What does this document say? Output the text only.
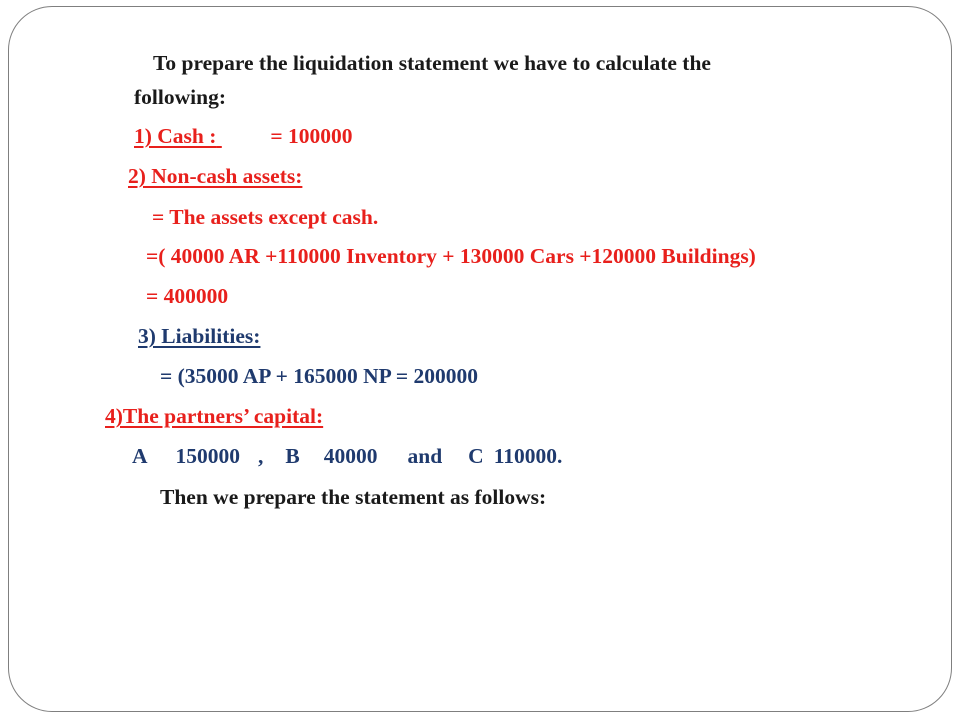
To prepare the liquidation statement we have to calculate the
following:
1) Cash :	= 100000
2) Non-cash assets:
= The assets except cash.
=( 40000 AR +110000 Inventory + 130000 Cars +120000 Buildings)
= 400000
3) Liabilities:
= (35000 AP + 165000 NP = 200000
4)The partners’ capital:
A 150000 , B 40000 and C 110000.
Then we prepare the statement as follows:
